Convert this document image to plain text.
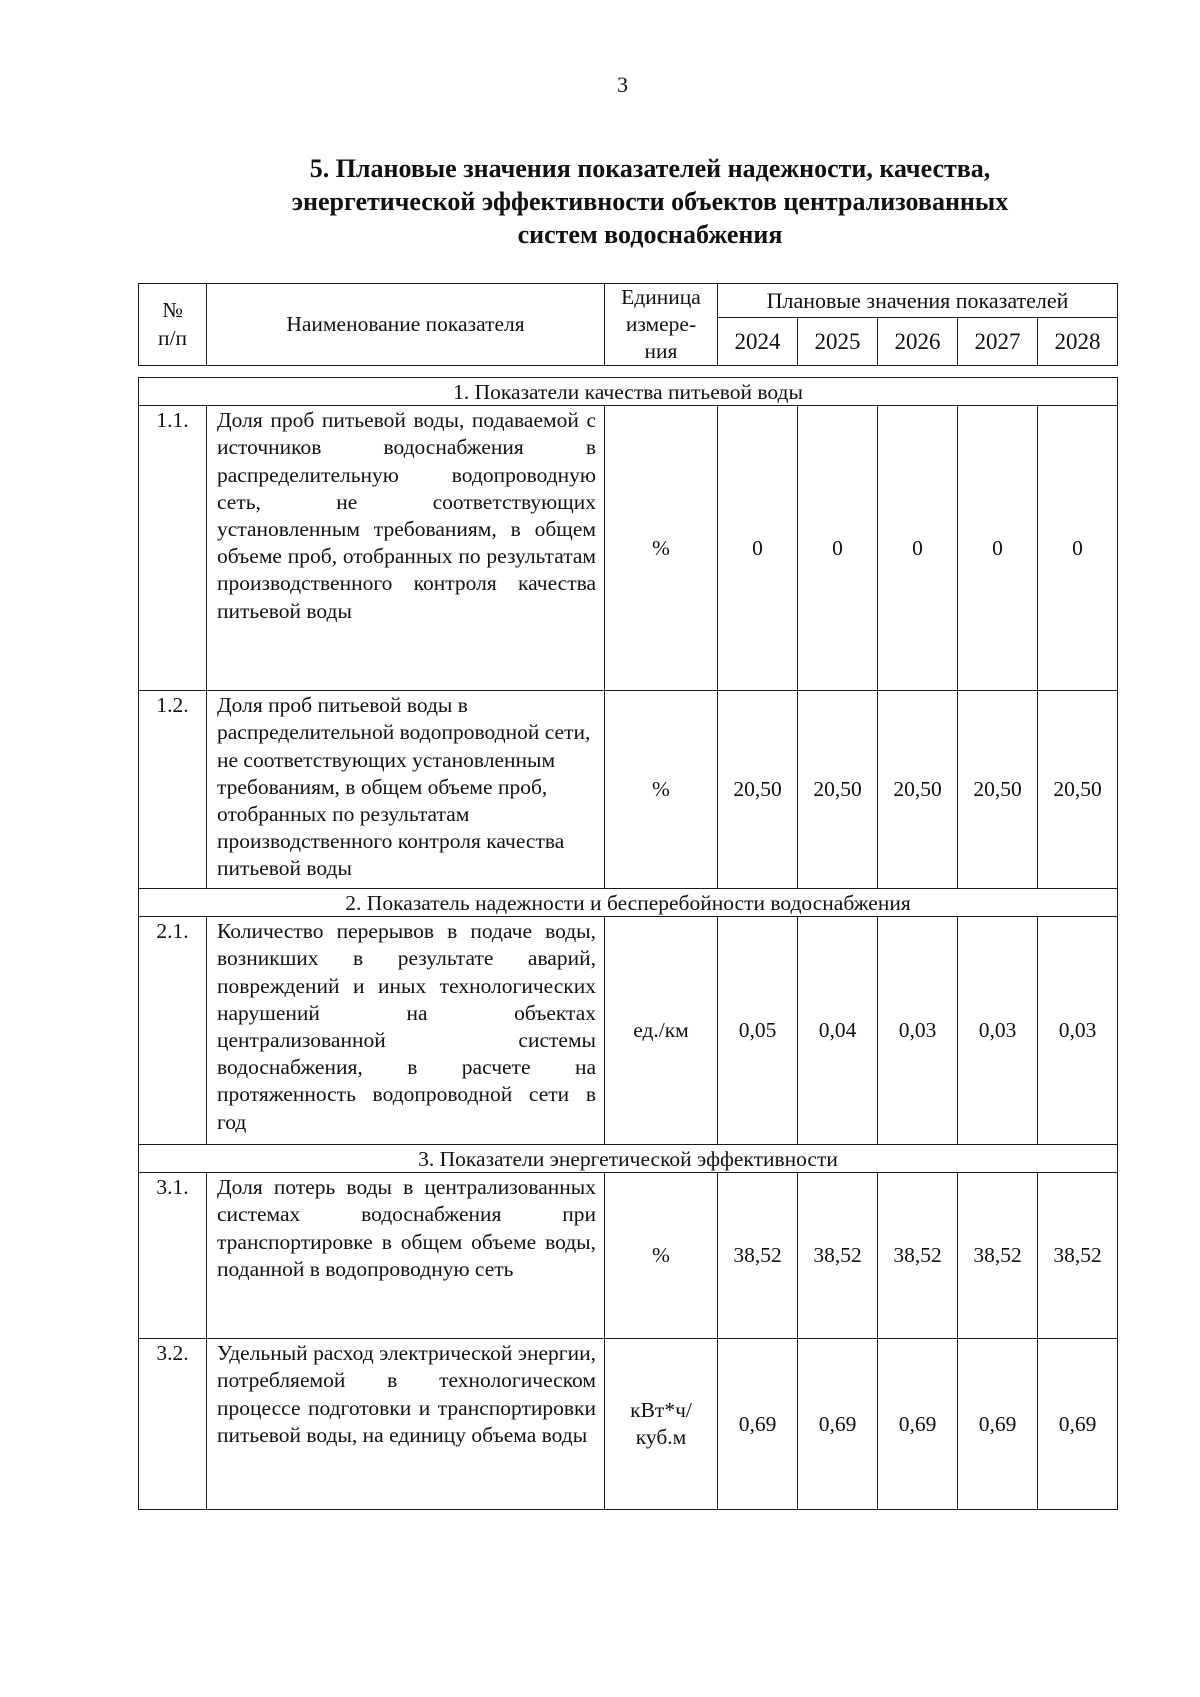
3
5. Плановые значения показателей надежности, качества,
энергетической эффективности объектов централизованных
систем водоснабжения
№ п/п	Наименование показателя	Единица измере-ния	Плановые значения показателей				
			2024	2025	2026	2027	2028

1. Показатели качества питьевой воды							
1.1.	Доля проб питьевой воды, подаваемой с источников водоснабжения в распределительную водопроводную сеть, не соответствующих установленным требованиям, в общем объеме проб, отобранных по результатам производственного контроля качества питьевой воды	%	0	0	0	0	0
1.2.	Доля проб питьевой воды в распределительной водопроводной сети, не соответствующих установленным требованиям, в общем объеме проб, отобранных по результатам производственного контроля качества питьевой воды	%	20,50	20,50	20,50	20,50	20,50
2. Показатель надежности и бесперебойности водоснабжения							
2.1.	Количество перерывов в подаче воды, возникших в результате аварий, повреждений и иных технологических нарушений на объектах централизованной системы водоснабжения, в расчете на протяженность водопроводной сети в год	ед./км	0,05	0,04	0,03	0,03	0,03
3. Показатели энергетической эффективности							
3.1.	Доля потерь воды в централизованных системах водоснабжения при транспортировке в общем объеме воды, поданной в водопроводную сеть	%	38,52	38,52	38,52	38,52	38,52
3.2.	Удельный расход электрической энергии, потребляемой в технологическом процессе подготовки и транспортировки питьевой воды, на единицу объема воды	кВт*ч/ куб.м	0,69	0,69	0,69	0,69	0,69
